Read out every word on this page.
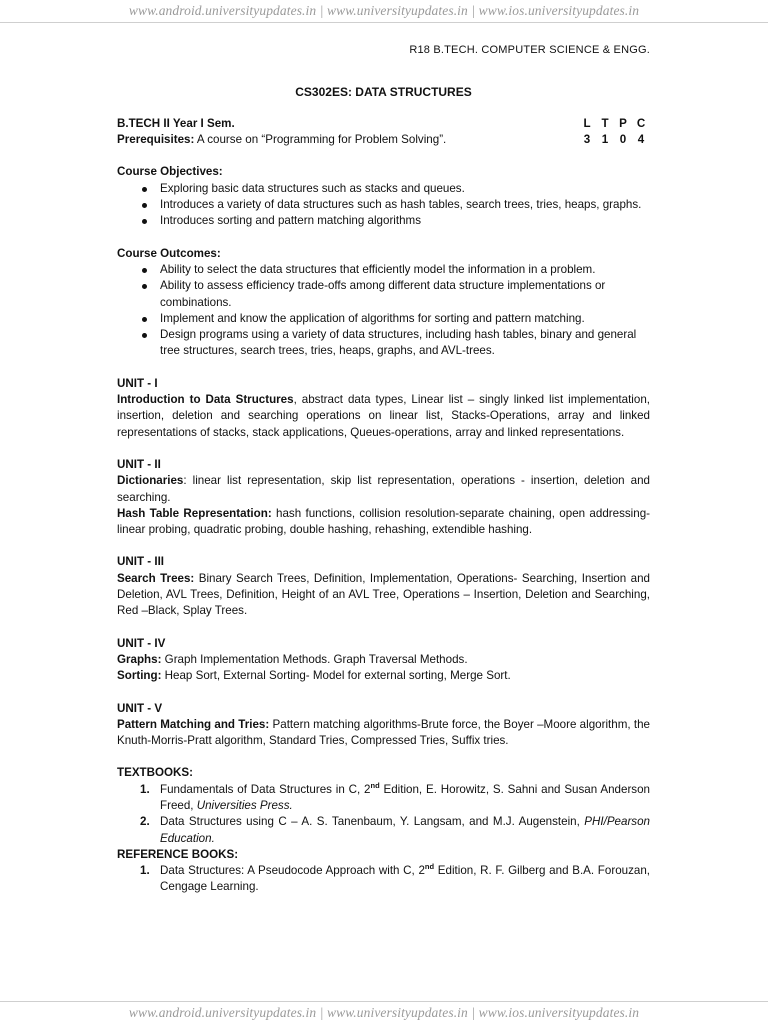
www.android.universityupdates.in | www.universityupdates.in | www.ios.universityupdates.in
R18 B.TECH. COMPUTER SCIENCE & ENGG.
CS302ES: DATA STRUCTURES
B.TECH II Year I Sem.	L T P C
3 1 0 4
Prerequisites: A course on “Programming for Problem Solving”.
Course Objectives:
Exploring basic data structures such as stacks and queues.
Introduces a variety of data structures such as hash tables, search trees, tries, heaps, graphs.
Introduces sorting and pattern matching algorithms
Course Outcomes:
Ability to select the data structures that efficiently model the information in a problem.
Ability to assess efficiency trade-offs among different data structure implementations or combinations.
Implement and know the application of algorithms for sorting and pattern matching.
Design programs using a variety of data structures, including hash tables, binary and general tree structures, search trees, tries, heaps, graphs, and AVL-trees.
UNIT - I
Introduction to Data Structures, abstract data types, Linear list – singly linked list implementation, insertion, deletion and searching operations on linear list, Stacks-Operations, array and linked representations of stacks, stack applications, Queues-operations, array and linked representations.
UNIT - II
Dictionaries: linear list representation, skip list representation, operations - insertion, deletion and searching.
Hash Table Representation: hash functions, collision resolution-separate chaining, open addressing-linear probing, quadratic probing, double hashing, rehashing, extendible hashing.
UNIT - III
Search Trees: Binary Search Trees, Definition, Implementation, Operations- Searching, Insertion and Deletion, AVL Trees, Definition, Height of an AVL Tree, Operations – Insertion, Deletion and Searching, Red –Black, Splay Trees.
UNIT - IV
Graphs: Graph Implementation Methods. Graph Traversal Methods.
Sorting: Heap Sort, External Sorting- Model for external sorting, Merge Sort.
UNIT - V
Pattern Matching and Tries: Pattern matching algorithms-Brute force, the Boyer –Moore algorithm, the Knuth-Morris-Pratt algorithm, Standard Tries, Compressed Tries, Suffix tries.
TEXTBOOKS:
1. Fundamentals of Data Structures in C, 2nd Edition, E. Horowitz, S. Sahni and Susan Anderson Freed, Universities Press.
2. Data Structures using C – A. S. Tanenbaum, Y. Langsam, and M.J. Augenstein, PHI/Pearson Education.
REFERENCE BOOKS:
1. Data Structures: A Pseudocode Approach with C, 2nd Edition, R. F. Gilberg and B.A. Forouzan, Cengage Learning.
www.android.universityupdates.in | www.universityupdates.in | www.ios.universityupdates.in
